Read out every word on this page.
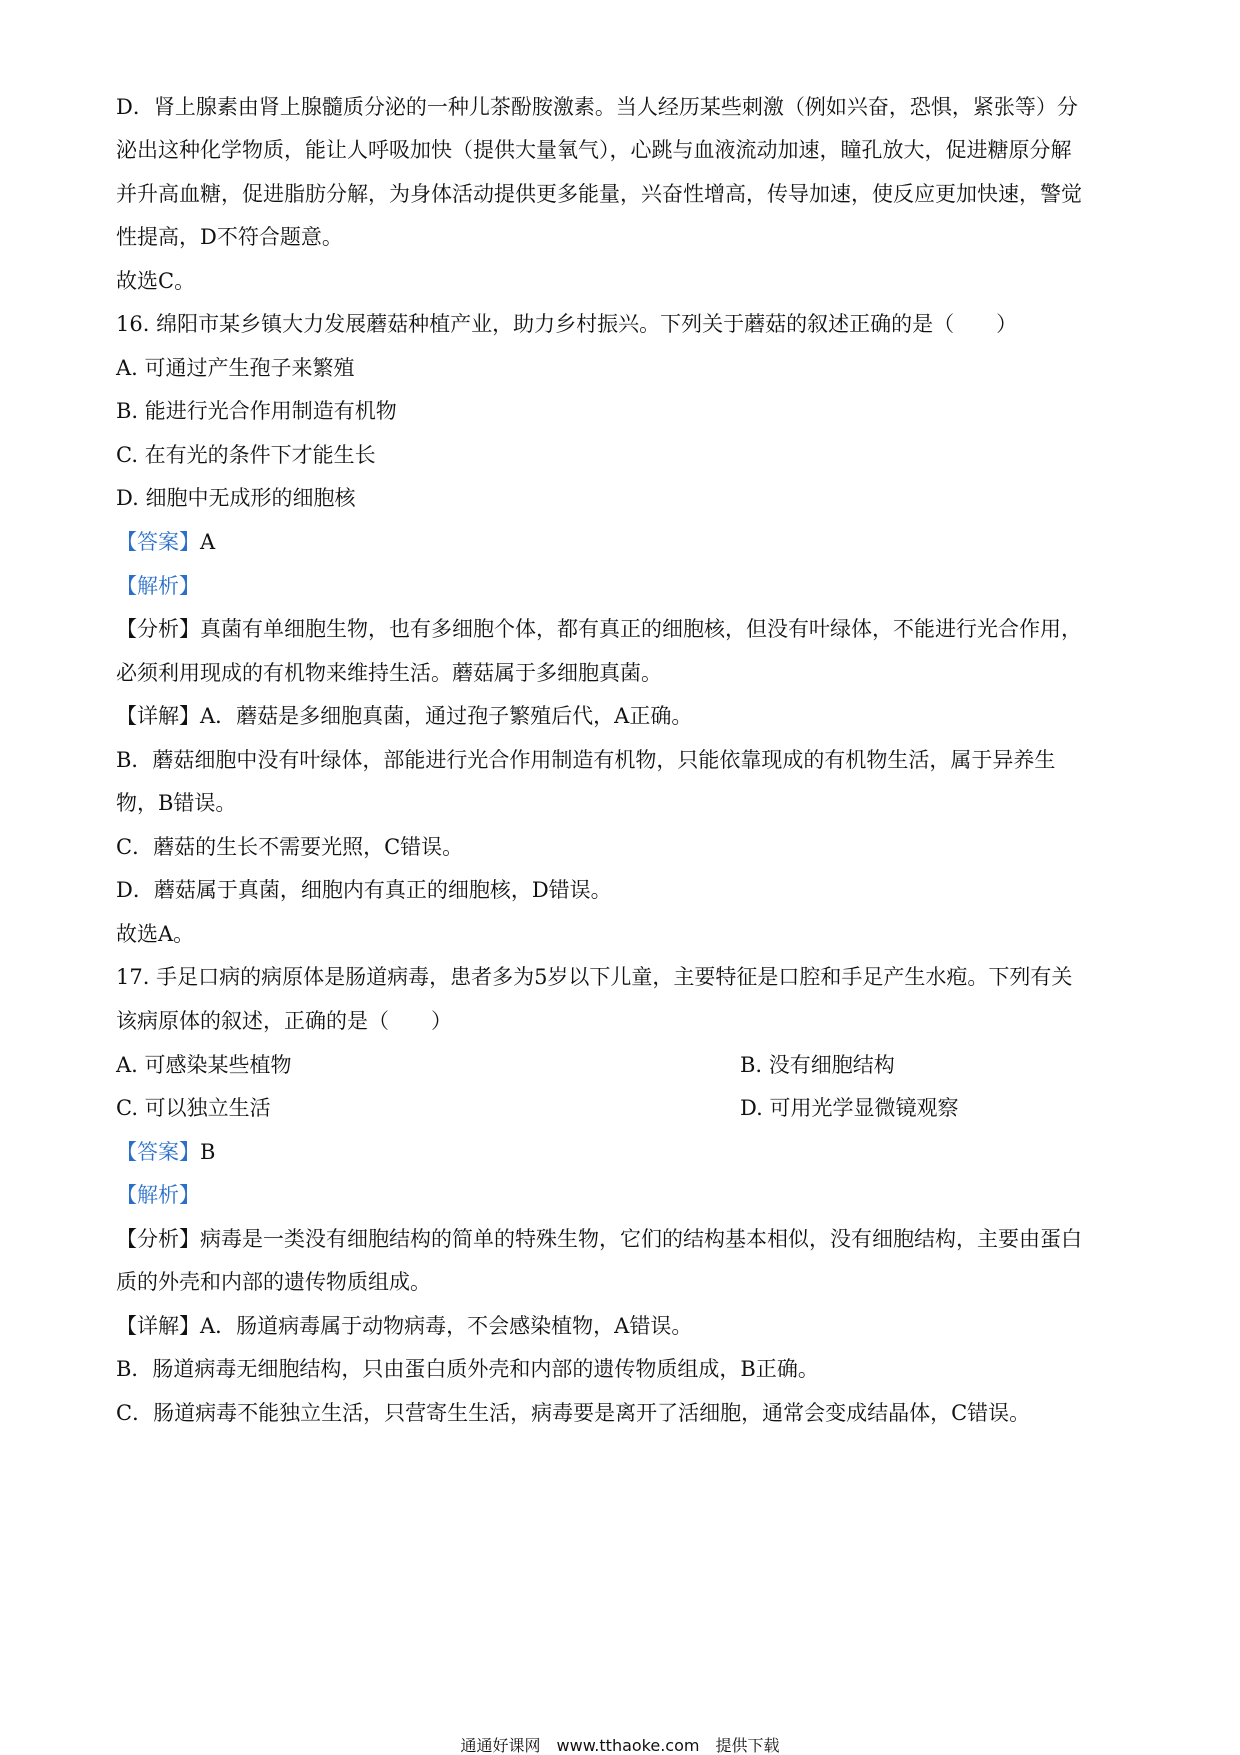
D．肾上腺素由肾上腺髓质分泌的一种儿茶酚胺激素。当人经历某些刺激（例如兴奋，恐惧，紧张等）分
泌出这种化学物质，能让人呼吸加快（提供大量氧气），心跳与血液流动加速，瞳孔放大，促进糖原分解
并升高血糖，促进脂肪分解，为身体活动提供更多能量，兴奋性增高，传导加速，使反应更加快速，警觉
性提高，D不符合题意。
故选C。
16. 绵阳市某乡镇大力发展蘑菇种植产业，助力乡村振兴。下列关于蘑菇的叙述正确的是（　　）
A. 可通过产生孢子来繁殖
B. 能进行光合作用制造有机物
C. 在有光的条件下才能生长
D. 细胞中无成形的细胞核
【答案】A
【解析】
【分析】真菌有单细胞生物，也有多细胞个体，都有真正的细胞核，但没有叶绿体，不能进行光合作用，
必须利用现成的有机物来维持生活。蘑菇属于多细胞真菌。
【详解】A．蘑菇是多细胞真菌，通过孢子繁殖后代，A正确。
B．蘑菇细胞中没有叶绿体，部能进行光合作用制造有机物，只能依靠现成的有机物生活，属于异养生
物，B错误。
C．蘑菇的生长不需要光照，C错误。
D．蘑菇属于真菌，细胞内有真正的细胞核，D错误。
故选A。
17. 手足口病的病原体是肠道病毒，患者多为5岁以下儿童，主要特征是口腔和手足产生水疱。下列有关
该病原体的叙述，正确的是（　　）
A. 可感染某些植物	B. 没有细胞结构
C. 可以独立生活	D. 可用光学显微镜观察
【答案】B
【解析】
【分析】病毒是一类没有细胞结构的简单的特殊生物，它们的结构基本相似，没有细胞结构，主要由蛋白
质的外壳和内部的遗传物质组成。
【详解】A．肠道病毒属于动物病毒，不会感染植物，A错误。
B．肠道病毒无细胞结构，只由蛋白质外壳和内部的遗传物质组成，B正确。
C．肠道病毒不能独立生活，只营寄生生活，病毒要是离开了活细胞，通常会变成结晶体，C错误。
通通好课网　www.tthaoke.com　提供下载
